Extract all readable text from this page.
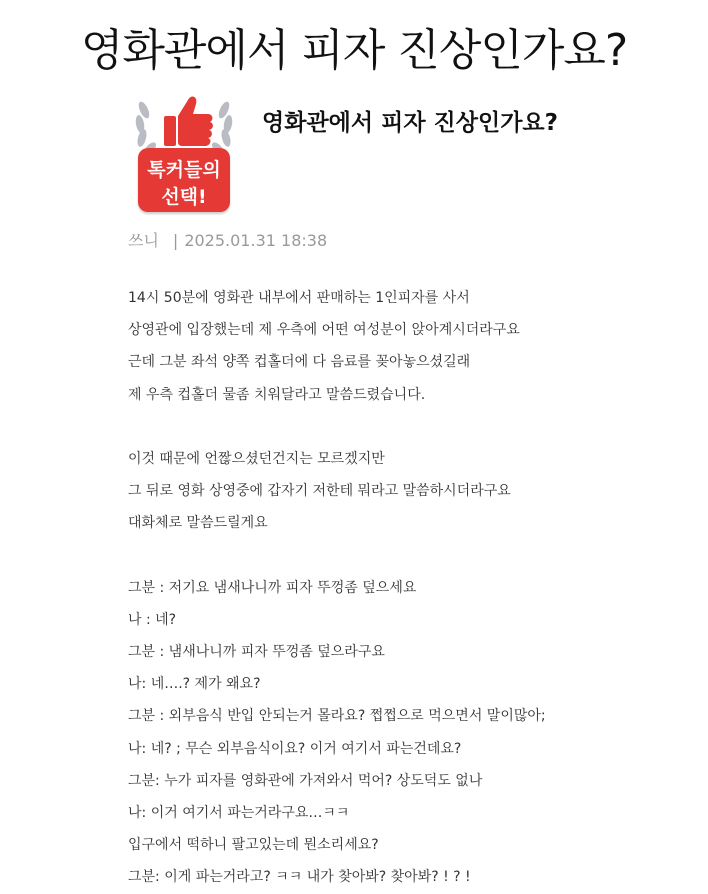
영화관에서 피자 진상인가요?
톡커들의
선택!
영화관에서 피자 진상인가요?
쓰니 | 2025.01.31 18:38
14시 50분에 영화관 내부에서 판매하는 1인피자를 사서
상영관에 입장했는데 제 우측에 어떤 여성분이 앉아계시더라구요
근데 그분 좌석 양쪽 컵홀더에 다 음료를 꽂아놓으셨길래
제 우측 컵홀더 물좀 치워달라고 말씀드렸습니다.
이것 때문에 언짢으셨던건지는 모르겠지만
그 뒤로 영화 상영중에 갑자기 저한테 뭐라고 말씀하시더라구요
대화체로 말씀드릴게요
그분 : 저기요 냄새나니까 피자 뚜껑좀 덮으세요
나 : 네?
그분 : 냄새나니까 피자 뚜껑좀 덮으라구요
나: 네….? 제가 왜요?
그분 : 외부음식 반입 안되는거 몰라요? 쩝쩝으로 먹으면서 말이많아;
나: 네? ; 무슨 외부음식이요? 이거 여기서 파는건데요?
그분: 누가 피자를 영화관에 가져와서 먹어? 상도덕도 없나
나: 이거 여기서 파는거라구요…ㅋㅋ
입구에서 떡하니 팔고있는데 뭔소리세요?
그분: 이게 파는거라고? ㅋㅋ 내가 찾아봐? 찾아봐? ! ? !
